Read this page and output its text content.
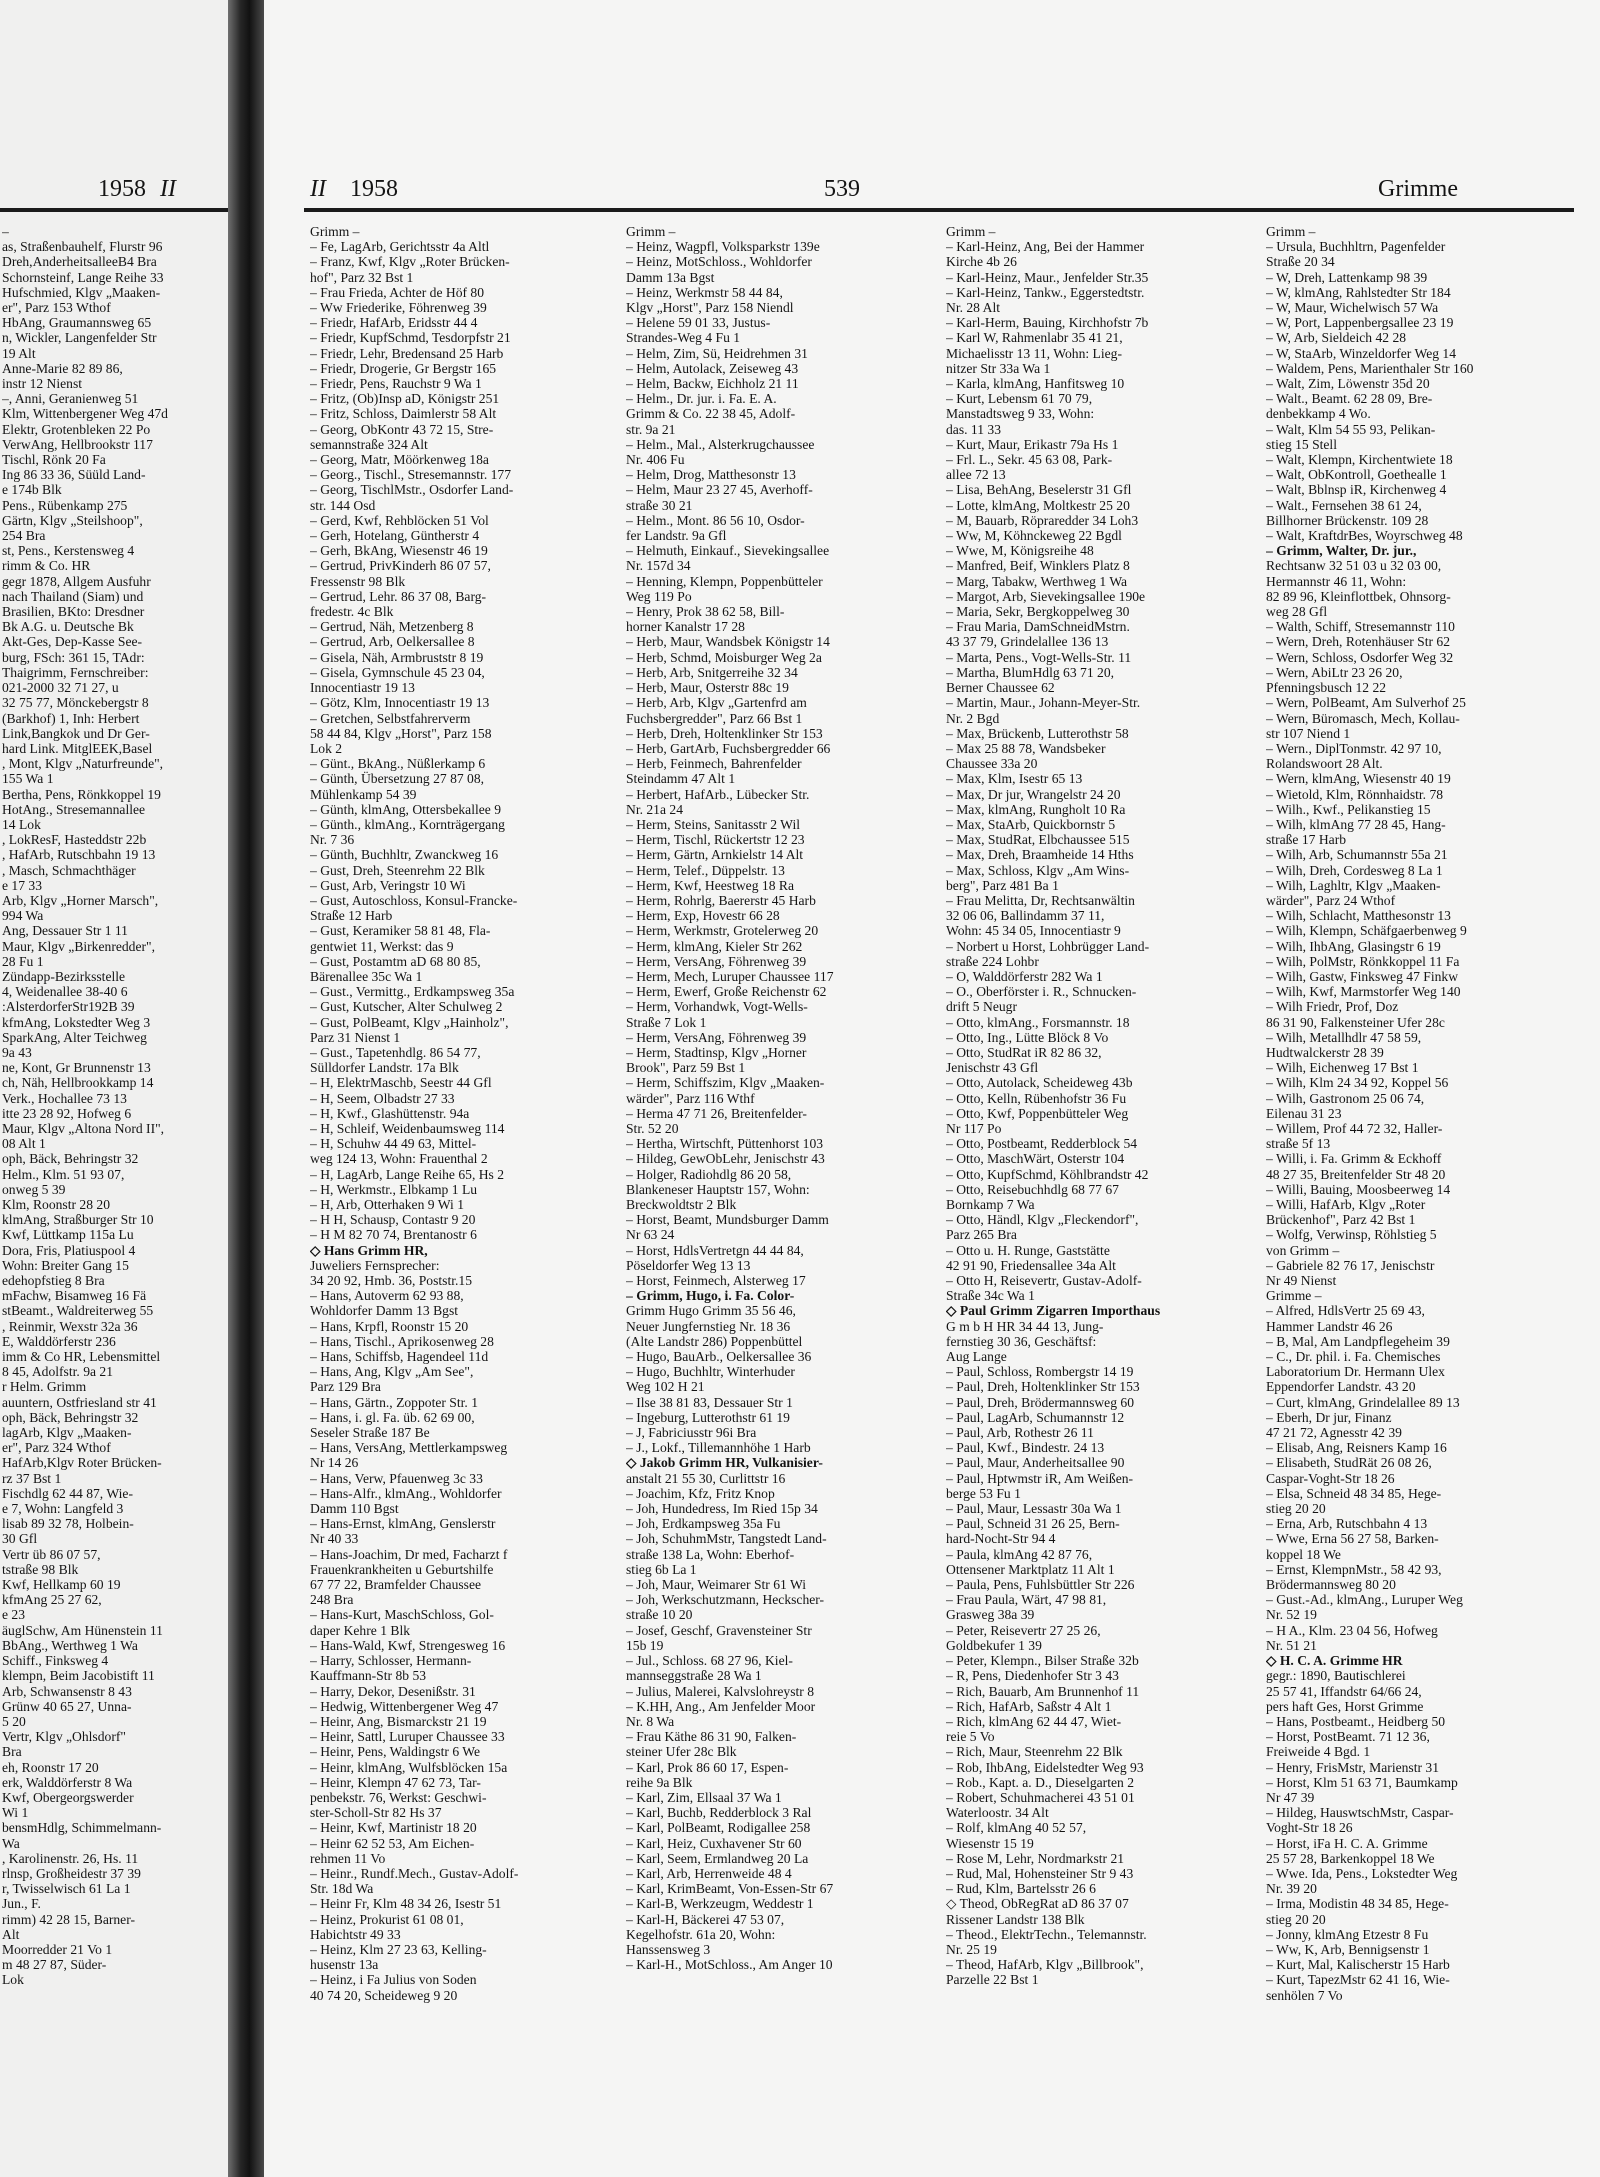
1958 II
–
as, Straßenbauhelf, Flurstr 96
Dreh,AnderheitsalleeB4 Bra
Schornsteinf, Lange Reihe 33
Hufschmied, Klgv „Maaken-
er", Parz 153 Wthof
HbAng, Graumannsweg 65
n, Wickler, Langenfelder Str
19 Alt
Anne-Marie 82 89 86,
instr 12 Nienst
–, Anni, Geranienweg 51
Klm, Wittenbergener Weg 47d
Elektr, Grotenbleken 22 Po
VerwAng, Hellbrookstr 117
Tischl, Rönk 20 Fa
Ing 86 33 36, Süüld Land-
e 174b Blk
Pens., Rübenkamp 275
Gärtn, Klgv „Steilshoop",
254 Bra
st, Pens., Kerstensweg 4
rimm & Co. HR
gegr 1878, Allgem Ausfuhr
nach Thailand (Siam) und
Brasilien, BKto: Dresdner
Bk A.G. u. Deutsche Bk
Akt-Ges, Dep-Kasse See-
burg, FSch: 361 15, TAdr:
Thaigrimm, Fernschreiber:
021-2000 32 71 27, u
32 75 77, Mönckebergstr 8
(Barkhof) 1, Inh: Herbert
Link,Bangkok und Dr Ger-
hard Link. MitglEEK,Basel
, Mont, Klgv „Naturfreunde",
155 Wa 1
Bertha, Pens, Rönkkoppel 19
HotAng., Stresemannallee
14 Lok
, LokResF, Hasteddstr 22b
, HafArb, Rutschbahn 19 13
, Masch, Schmachthäger
e 17 33
Arb, Klgv „Horner Marsch",
994 Wa
Ang, Dessauer Str 1 11
Maur, Klgv „Birkenredder",
28 Fu 1
Zündapp-Bezirksstelle
4, Weidenallee 38-40 6
:AlsterdorferStr192B 39
kfmAng, Lokstedter Weg 3
SparkAng, Alter Teichweg
9a 43
ne, Kont, Gr Brunnenstr 13
ch, Näh, Hellbrookkamp 14
Verk., Hochallee 73 13
itte 23 28 92, Hofweg 6
Maur, Klgv „Altona Nord II",
08 Alt 1
oph, Bäck, Behringstr 32
Helm., Klm. 51 93 07,
onweg 5 39
Klm, Roonstr 28 20
klmAng, Straßburger Str 10
Kwf, Lüttkamp 115a Lu
Dora, Fris, Platiuspool 4
Wohn: Breiter Gang 15
edehopfstieg 8 Bra
mFachw, Bisamweg 16 Fä
stBeamt., Waldreiterweg 55
, Reinmir, Wexstr 32a 36
E, Walddörferstr 236
imm & Co HR, Lebensmittel
8 45, Adolfstr. 9a 21
r Helm. Grimm
auuntern, Ostfriesland str 41
oph, Bäck, Behringstr 32
lagArb, Klgv „Maaken-
er", Parz 324 Wthof
HafArb,Klgv Roter Brücken-
rz 37 Bst 1
Fischdlg 62 44 87, Wie-
e 7, Wohn: Langfeld 3
lisab 89 32 78, Holbein-
30 Gfl
Vertr üb 86 07 57,
tstraße 98 Blk
Kwf, Hellkamp 60 19
kfmAng 25 27 62,
e 23
äuglSchw, Am Hünenstein 11
BbAng., Werthweg 1 Wa
Schiff., Finksweg 4
klempn, Beim Jacobistift 11
Arb, Schwansenstr 8 43
Grünw 40 65 27, Unna-
5 20
Vertr, Klgv „Ohlsdorf"
Bra
eh, Roonstr 17 20
erk, Walddörferstr 8 Wa
Kwf, Obergeorgswerder
Wi 1
bensmHdlg, Schimmelmann-
Wa
, Karolinenstr. 26, Hs. 11
rlnsp, Großheidestr 37 39
r, Twisselwisch 61 La 1
Jun., F.
rimm) 42 28 15, Barner-
Alt
Moorredder 21 Vo 1
m 48 27 87, Süder-
Lok
II 1958	539	Grimme
Grimm –
– Fe, LagArb, Gerichtsstr 4a Altl
– Franz, Kwf, Klgv „Roter Brücken-
hof", Parz 32 Bst 1
– Frau Frieda, Achter de Höf 80
– Ww Friederike, Föhrenweg 39
– Friedr, HafArb, Eridsstr 44 4
– Friedr, KupfSchmd, Tesdorpfstr 21
– Friedr, Lehr, Bredensand 25 Harb
– Friedr, Drogerie, Gr Bergstr 165
– Friedr, Pens, Rauchstr 9 Wa 1
– Fritz, (Ob)Insp aD, Königstr 251
– Fritz, Schloss, Daimlerstr 58 Alt
– Georg, ObKontr 43 72 15, Stre-
semannstraße 324 Alt
– Georg, Matr, Möörkenweg 18a
– Georg., Tischl., Stresemannstr. 177
– Georg, TischlMstr., Osdorfer Land-
str. 144 Osd
– Gerd, Kwf, Rehblöcken 51 Vol
– Gerh, Hotelang, Güntherstr 4
– Gerh, BkAng, Wiesenstr 46 19
– Gertrud, PrivKinderh 86 07 57,
Fressenstr 98 Blk
– Gertrud, Lehr. 86 37 08, Barg-
fredestr. 4c Blk
– Gertrud, Näh, Metzenberg 8
– Gertrud, Arb, Oelkersallee 8
– Gisela, Näh, Armbruststr 8 19
– Gisela, Gymnschule 45 23 04,
Innocentiastr 19 13
– Götz, Klm, Innocentiastr 19 13
– Gretchen, Selbstfahrerverm
58 44 84, Klgv „Horst", Parz 158
Lok 2
– Günt., BkAng., Nüßlerkamp 6
– Günth, Übersetzung 27 87 08,
Mühlenkamp 54 39
– Günth, klmAng, Ottersbekallee 9
– Günth., klmAng., Kornträgergang
Nr. 7 36
– Günth, Buchhltr, Zwanckweg 16
– Gust, Dreh, Steenrehm 22 Blk
– Gust, Arb, Veringstr 10 Wi
– Gust, Autoschloss, Konsul-Francke-
Straße 12 Harb
– Gust, Keramiker 58 81 48, Fla-
gentwiet 11, Werkst: das 9
– Gust, Postamtm aD 68 80 85,
Bärenallee 35c Wa 1
– Gust., Vermittg., Erdkampsweg 35a
– Gust, Kutscher, Alter Schulweg 2
– Gust, PolBeamt, Klgv „Hainholz",
Parz 31 Nienst 1
– Gust., Tapetenhdlg. 86 54 77,
Sülldorfer Landstr. 17a Blk
– H, ElektrMaschb, Seestr 44 Gfl
– H, Seem, Olbadstr 27 33
– H, Kwf., Glashüttenstr. 94a
– H, Schleif, Weidenbaumsweg 114
– H, Schuhw 44 49 63, Mittel-
weg 124 13, Wohn: Frauenthal 2
– H, LagArb, Lange Reihe 65, Hs 2
– H, Werkmstr., Elbkamp 1 Lu
– H, Arb, Otterhaken 9 Wi 1
– H H, Schausp, Contastr 9 20
– H M 82 70 74, Brentanostr 6
◇ Hans Grimm HR,
Juweliers Fernsprecher:
34 20 92, Hmb. 36, Poststr.15
– Hans, Autoverm 62 93 88,
Wohldorfer Damm 13 Bgst
– Hans, Krpfl, Roonstr 15 20
– Hans, Tischl., Aprikosenweg 28
– Hans, Schiffsb, Hagendeel 11d
– Hans, Ang, Klgv „Am See",
Parz 129 Bra
– Hans, Gärtn., Zoppoter Str. 1
– Hans, i. gl. Fa. üb. 62 69 00,
Seseler Straße 187 Be
– Hans, VersAng, Mettlerkampsweg
Nr 14 26
– Hans, Verw, Pfauenweg 3c 33
– Hans-Alfr., klmAng., Wohldorfer
Damm 110 Bgst
– Hans-Ernst, klmAng, Genslerstr
Nr 40 33
– Hans-Joachim, Dr med, Facharzt f
Frauenkrankheiten u Geburtshilfe
67 77 22, Bramfelder Chaussee
248 Bra
– Hans-Kurt, MaschSchloss, Gol-
daper Kehre 1 Blk
– Hans-Wald, Kwf, Strengesweg 16
– Harry, Schlosser, Hermann-
Kauffmann-Str 8b 53
– Harry, Dekor, Desenißstr. 31
– Hedwig, Wittenbergener Weg 47
– Heinr, Ang, Bismarckstr 21 19
– Heinr, Sattl, Luruper Chaussee 33
– Heinr, Pens, Waldingstr 6 We
– Heinr, klmAng, Wulfsblöcken 15a
– Heinr, Klempn 47 62 73, Tar-
penbekstr. 76, Werkst: Geschwi-
ster-Scholl-Str 82 Hs 37
– Heinr, Kwf, Martinistr 18 20
– Heinr 62 52 53, Am Eichen-
rehmen 11 Vo
– Heinr., Rundf.Mech., Gustav-Adolf-
Str. 18d Wa
– Heinr Fr, Klm 48 34 26, Isestr 51
– Heinz, Prokurist 61 08 01,
Habichtstr 49 33
– Heinz, Klm 27 23 63, Kelling-
husenstr 13a
– Heinz, i Fa Julius von Soden
40 74 20, Scheideweg 9 20
Grimm –
– Heinz, Wagpfl, Volksparkstr 139e
– Heinz, MotSchloss., Wohldorfer
Damm 13a Bgst
– Heinz, Werkmstr 58 44 84,
Klgv „Horst", Parz 158 Niendl
– Helene 59 01 33, Justus-
Strandes-Weg 4 Fu 1
– Helm, Zim, Sü, Heidrehmen 31
– Helm, Autolack, Zeiseweg 43
– Helm, Backw, Eichholz 21 11
– Helm., Dr. jur. i. Fa. E. A.
Grimm & Co. 22 38 45, Adolf-
str. 9a 21
– Helm., Mal., Alsterkrugchaussee
Nr. 406 Fu
– Helm, Drog, Matthesonstr 13
– Helm, Maur 23 27 45, Averhoff-
straße 30 21
– Helm., Mont. 86 56 10, Osdor-
fer Landstr. 9a Gfl
– Helmuth, Einkauf., Sievekingsallee
Nr. 157d 34
– Henning, Klempn, Poppenbütteler
Weg 119 Po
– Henry, Prok 38 62 58, Bill-
horner Kanalstr 17 28
– Herb, Maur, Wandsbek Königstr 14
– Herb, Schmd, Moisburger Weg 2a
– Herb, Arb, Snitgerreihe 32 34
– Herb, Maur, Osterstr 88c 19
– Herb, Arb, Klgv „Gartenfrd am
Fuchsbergredder", Parz 66 Bst 1
– Herb, Dreh, Holtenklinker Str 153
– Herb, GartArb, Fuchsbergredder 66
– Herb, Feinmech, Bahrenfelder
Steindamm 47 Alt 1
– Herbert, HafArb., Lübecker Str.
Nr. 21a 24
– Herm, Steins, Sanitasstr 2 Wil
– Herm, Tischl, Rückertstr 12 23
– Herm, Gärtn, Arnkielstr 14 Alt
– Herm, Telef., Düppelstr. 13
– Herm, Kwf, Heestweg 18 Ra
– Herm, Rohrlg, Baererstr 45 Harb
– Herm, Exp, Hovestr 66 28
– Herm, Werkmstr, Grotelerweg 20
– Herm, klmAng, Kieler Str 262
– Herm, VersAng, Föhrenweg 39
– Herm, Mech, Luruper Chaussee 117
– Herm, Ewerf, Große Reichenstr 62
– Herm, Vorhandwk, Vogt-Wells-
Straße 7 Lok 1
– Herm, VersAng, Föhrenweg 39
– Herm, Stadtinsp, Klgv „Horner
Brook", Parz 59 Bst 1
– Herm, Schiffszim, Klgv „Maaken-
wärder", Parz 116 Wthf
– Herma 47 71 26, Breitenfelder-
Str. 52 20
– Hertha, Wirtschft, Püttenhorst 103
– Hildeg, GewObLehr, Jenischstr 43
– Holger, Radiohdlg 86 20 58,
Blankeneser Hauptstr 157, Wohn:
Breckwoldtstr 2 Blk
– Horst, Beamt, Mundsburger Damm
Nr 63 24
– Horst, HdlsVertretgn 44 44 84,
Pöseldorfer Weg 13 13
– Horst, Feinmech, Alsterweg 17
– Grimm, Hugo, i. Fa. Color-
Grimm Hugo Grimm 35 56 46,
Neuer Jungfernstieg Nr. 18 36
(Alte Landstr 286) Poppenbüttel
– Hugo, BauArb., Oelkersallee 36
– Hugo, Buchhltr, Winterhuder
Weg 102 H 21
– Ilse 38 81 83, Dessauer Str 1
– Ingeburg, Lutterothstr 61 19
– J, Fabriciusstr 96i Bra
– J., Lokf., Tillemannhöhe 1 Harb
◇ Jakob Grimm HR, Vulkanisier-
anstalt 21 55 30, Curlittstr 16
– Joachim, Kfz, Fritz Knop
– Joh, Hundedress, Im Ried 15p 34
– Joh, Erdkampsweg 35a Fu
– Joh, SchuhmMstr, Tangstedt Land-
straße 138 La, Wohn: Eberhof-
stieg 6b La 1
– Joh, Maur, Weimarer Str 61 Wi
– Joh, Werkschutzmann, Heckscher-
straße 10 20
– Josef, Geschf, Gravensteiner Str
15b 19
– Jul., Schloss. 68 27 96, Kiel-
mannseggstraße 28 Wa 1
– Julius, Malerei, Kalvslohreystr 8
– K.HH, Ang., Am Jenfelder Moor
Nr. 8 Wa
– Frau Käthe 86 31 90, Falken-
steiner Ufer 28c Blk
– Karl, Prok 86 60 17, Espen-
reihe 9a Blk
– Karl, Zim, Ellsaal 37 Wa 1
– Karl, Buchb, Redderblock 3 Ral
– Karl, PolBeamt, Rodigallee 258
– Karl, Heiz, Cuxhavener Str 60
– Karl, Seem, Ermlandweg 20 La
– Karl, Arb, Herrenweide 48 4
– Karl, KrimBeamt, Von-Essen-Str 67
– Karl-B, Werkzeugm, Weddestr 1
– Karl-H, Bäckerei 47 53 07,
Kegelhofstr. 61a 20, Wohn:
Hanssensweg 3
– Karl-H., MotSchloss., Am Anger 10
Grimm –
– Karl-Heinz, Ang, Bei der Hammer
Kirche 4b 26
– Karl-Heinz, Maur., Jenfelder Str.35
– Karl-Heinz, Tankw., Eggerstedtstr.
Nr. 28 Alt
– Karl-Herm, Bauing, Kirchhofstr 7b
– Karl W, Rahmenlabr 35 41 21,
Michaelisstr 13 11, Wohn: Lieg-
nitzer Str 33a Wa 1
– Karla, klmAng, Hanfitsweg 10
– Kurt, Lebensm 61 70 79,
Manstadtsweg 9 33, Wohn:
das. 11 33
– Kurt, Maur, Erikastr 79a Hs 1
– Frl. L., Sekr. 45 63 08, Park-
allee 72 13
– Lisa, BehAng, Beselerstr 31 Gfl
– Lotte, klmAng, Moltkestr 25 20
– M, Bauarb, Röpraredder 34 Loh3
– Ww, M, Köhnckeweg 22 Bgdl
– Wwe, M, Königsreihe 48
– Manfred, Beif, Winklers Platz 8
– Marg, Tabakw, Werthweg 1 Wa
– Margot, Arb, Sievekingsallee 190e
– Maria, Sekr, Bergkoppelweg 30
– Frau Maria, DamSchneidMstrn.
43 37 79, Grindelallee 136 13
– Marta, Pens., Vogt-Wells-Str. 11
– Martha, BlumHdlg 63 71 20,
Berner Chaussee 62
– Martin, Maur., Johann-Meyer-Str.
Nr. 2 Bgd
– Max, Brückenb, Lutterothstr 58
– Max 25 88 78, Wandsbeker
Chaussee 33a 20
– Max, Klm, Isestr 65 13
– Max, Dr jur, Wrangelstr 24 20
– Max, klmAng, Rungholt 10 Ra
– Max, StaArb, Quickbornstr 5
– Max, StudRat, Elbchaussee 515
– Max, Dreh, Braamheide 14 Hths
– Max, Schloss, Klgv „Am Wins-
berg", Parz 481 Ba 1
– Frau Melitta, Dr, Rechtsanwältin
32 06 06, Ballindamm 37 11,
Wohn: 45 34 05, Innocentiastr 9
– Norbert u Horst, Lohbrügger Land-
straße 224 Lohbr
– O, Walddörferstr 282 Wa 1
– O., Oberförster i. R., Schnucken-
drift 5 Neugr
– Otto, klmAng., Forsmannstr. 18
– Otto, Ing., Lütte Blöck 8 Vo
– Otto, StudRat iR 82 86 32,
Jenischstr 43 Gfl
– Otto, Autolack, Scheideweg 43b
– Otto, Kelln, Rübenhofstr 36 Fu
– Otto, Kwf, Poppenbütteler Weg
Nr 117 Po
– Otto, Postbeamt, Redderblock 54
– Otto, MaschWärt, Osterstr 104
– Otto, KupfSchmd, Köhlbrandstr 42
– Otto, Reisebuchhdlg 68 77 67
Bornkamp 7 Wa
– Otto, Händl, Klgv „Fleckendorf",
Parz 265 Bra
– Otto u. H. Runge, Gaststätte
42 91 90, Friedensallee 34a Alt
– Otto H, Reisevertr, Gustav-Adolf-
Straße 34c Wa 1
◇ Paul Grimm Zigarren Importhaus
G m b H HR 34 44 13, Jung-
fernstieg 30 36, Geschäftsf:
Aug Lange
– Paul, Schloss, Rombergstr 14 19
– Paul, Dreh, Holtenklinker Str 153
– Paul, Dreh, Brödermannsweg 60
– Paul, LagArb, Schumannstr 12
– Paul, Arb, Rothestr 26 11
– Paul, Kwf., Bindestr. 24 13
– Paul, Maur, Anderheitsallee 90
– Paul, Hptwmstr iR, Am Weißen-
berge 53 Fu 1
– Paul, Maur, Lessastr 30a Wa 1
– Paul, Schneid 31 26 25, Bern-
hard-Nocht-Str 94 4
– Paula, klmAng 42 87 76,
Ottensener Marktplatz 11 Alt 1
– Paula, Pens, Fuhlsbüttler Str 226
– Frau Paula, Wärt, 47 98 81,
Grasweg 38a 39
– Peter, Reisevertr 27 25 26,
Goldbekufer 1 39
– Peter, Klempn., Bilser Straße 32b
– R, Pens, Diedenhofer Str 3 43
– Rich, Bauarb, Am Brunnenhof 11
– Rich, HafArb, Saßstr 4 Alt 1
– Rich, klmAng 62 44 47, Wiet-
reie 5 Vo
– Rich, Maur, Steenrehm 22 Blk
– Rob, IhbAng, Eidelstedter Weg 93
– Rob., Kapt. a. D., Dieselgarten 2
– Robert, Schuhmacherei 43 51 01
Waterloostr. 34 Alt
– Rolf, klmAng 40 52 57,
Wiesenstr 15 19
– Rose M, Lehr, Nordmarkstr 21
– Rud, Mal, Hohensteiner Str 9 43
– Rud, Klm, Bartelsstr 26 6
◇ Theod, ObRegRat aD 86 37 07
Rissener Landstr 138 Blk
– Theod., ElektrTechn., Telemannstr.
Nr. 25 19
– Theod, HafArb, Klgv „Billbrook",
Parzelle 22 Bst 1
Grimm –
– Ursula, Buchhltrn, Pagenfelder
Straße 20 34
– W, Dreh, Lattenkamp 98 39
– W, klmAng, Rahlstedter Str 184
– W, Maur, Wichelwisch 57 Wa
– W, Port, Lappenbergsallee 23 19
– W, Arb, Sieldeich 42 28
– W, StaArb, Winzeldorfer Weg 14
– Waldem, Pens, Marienthaler Str 160
– Walt, Zim, Löwenstr 35d 20
– Walt., Beamt. 62 28 09, Bre-
denbekkamp 4 Wo.
– Walt, Klm 54 55 93, Pelikan-
stieg 15 Stell
– Walt, Klempn, Kirchentwiete 18
– Walt, ObKontroll, Goethealle 1
– Walt, Bblnsp iR, Kirchenweg 4
– Walt., Fernsehen 38 61 24,
Billhorner Brückenstr. 109 28
– Walt, KraftdrBes, Woyrschweg 48
– Grimm, Walter, Dr. jur.,
Rechtsanw 32 51 03 u 32 03 00,
Hermannstr 46 11, Wohn:
82 89 96, Kleinflottbek, Ohnsorg-
weg 28 Gfl
– Walth, Schiff, Stresemannstr 110
– Wern, Dreh, Rotenhäuser Str 62
– Wern, Schloss, Osdorfer Weg 32
– Wern, AbiLtr 23 26 20,
Pfenningsbusch 12 22
– Wern, PolBeamt, Am Sulverhof 25
– Wern, Büromasch, Mech, Kollau-
str 107 Niend 1
– Wern., DiplTonmstr. 42 97 10,
Rolandswoort 28 Alt.
– Wern, klmAng, Wiesenstr 40 19
– Wietold, Klm, Rönnhaidstr. 78
– Wilh., Kwf., Pelikanstieg 15
– Wilh, klmAng 77 28 45, Hang-
straße 17 Harb
– Wilh, Arb, Schumannstr 55a 21
– Wilh, Dreh, Cordesweg 8 La 1
– Wilh, Laghltr, Klgv „Maaken-
wärder", Parz 24 Wthof
– Wilh, Schlacht, Matthesonstr 13
– Wilh, Klempn, Schäfgaerbenweg 9
– Wilh, IhbAng, Glasingstr 6 19
– Wilh, PolMstr, Rönkkoppel 11 Fa
– Wilh, Gastw, Finksweg 47 Finkw
– Wilh, Kwf, Marmstorfer Weg 140
– Wilh Friedr, Prof, Doz
86 31 90, Falkensteiner Ufer 28c
– Wilh, Metallhdlr 47 58 59,
Hudtwalckerstr 28 39
– Wilh, Eichenweg 17 Bst 1
– Wilh, Klm 24 34 92, Koppel 56
– Wilh, Gastronom 25 06 74,
Eilenau 31 23
– Willem, Prof 44 72 32, Haller-
straße 5f 13
– Willi, i. Fa. Grimm & Eckhoff
48 27 35, Breitenfelder Str 48 20
– Willi, Bauing, Moosbeerweg 14
– Willi, HafArb, Klgv „Roter
Brückenhof", Parz 42 Bst 1
– Wolfg, Verwinsp, Röhlstieg 5
von Grimm –
– Gabriele 82 76 17, Jenischstr
Nr 49 Nienst
Grimme –
– Alfred, HdlsVertr 25 69 43,
Hammer Landstr 46 26
– B, Mal, Am Landpflegeheim 39
– C., Dr. phil. i. Fa. Chemisches
Laboratorium Dr. Hermann Ulex
Eppendorfer Landstr. 43 20
– Curt, klmAng, Grindelallee 89 13
– Eberh, Dr jur, Finanz
47 21 72, Agnesstr 42 39
– Elisab, Ang, Reisners Kamp 16
– Elisabeth, StudRät 26 08 26,
Caspar-Voght-Str 18 26
– Elsa, Schneid 48 34 85, Hege-
stieg 20 20
– Erna, Arb, Rutschbahn 4 13
– Wwe, Erna 56 27 58, Barken-
koppel 18 We
– Ernst, KlempnMstr., 58 42 93,
Brödermannsweg 80 20
– Gust.-Ad., klmAng., Luruper Weg
Nr. 52 19
– H A., Klm. 23 04 56, Hofweg
Nr. 51 21
◇ H. C. A. Grimme HR
gegr.: 1890, Bautischlerei
25 57 41, Iffandstr 64/66 24,
pers haft Ges, Horst Grimme
– Hans, Postbeamt., Heidberg 50
– Horst, PostBeamt. 71 12 36,
Freiweide 4 Bgd. 1
– Henry, FrisMstr, Marienstr 31
– Horst, Klm 51 63 71, Baumkamp
Nr 47 39
– Hildeg, HauswtschMstr, Caspar-
Voght-Str 18 26
– Horst, iFa H. C. A. Grimme
25 57 28, Barkenkoppel 18 We
– Wwe. Ida, Pens., Lokstedter Weg
Nr. 39 20
– Irma, Modistin 48 34 85, Hege-
stieg 20 20
– Jonny, klmAng Etzestr 8 Fu
– Ww, K, Arb, Bennigsenstr 1
– Kurt, Mal, Kalischerstr 15 Harb
– Kurt, TapezMstr 62 41 16, Wie-
senhölen 7 Vo
